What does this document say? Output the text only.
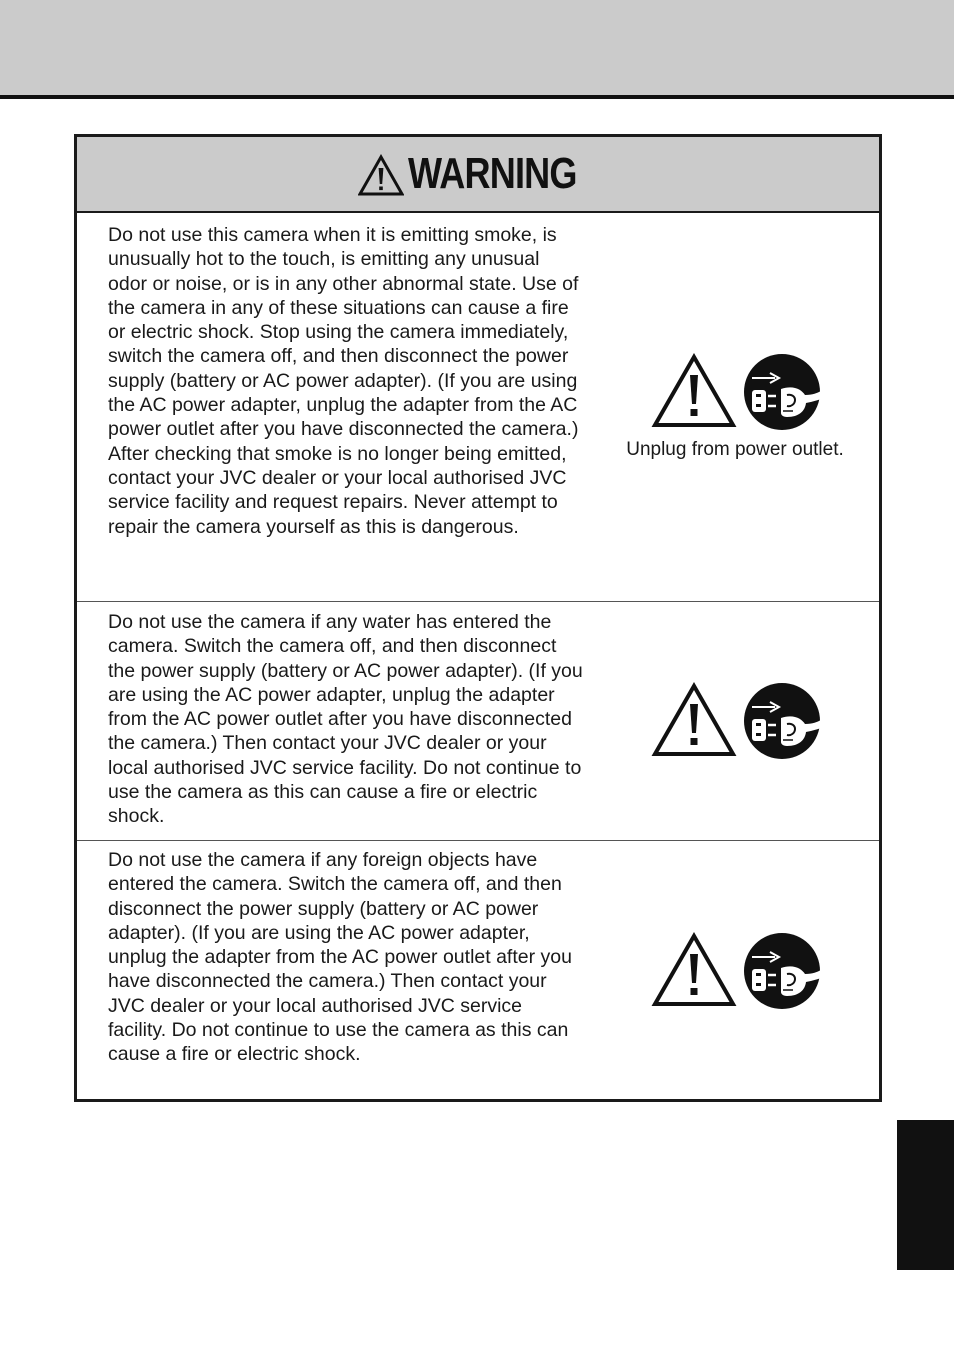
WARNING
Do not use this camera when it is emitting smoke, is unusually hot to the touch, is emitting any unusual odor or noise, or is in any other abnormal state. Use of the camera in any of these situations can cause a fire or electric shock. Stop using the camera immediately, switch the camera off, and then disconnect the power supply (battery or AC power adapter). (If you are using the AC power adapter, unplug the adapter from the AC power outlet after you have disconnected the camera.) After checking that smoke is no longer being emitted, contact your JVC dealer or your local authorised JVC service facility and request repairs. Never attempt to repair the camera yourself as this is dangerous.
Unplug from power outlet.
Do not use the camera if any water has entered the camera. Switch the camera off, and then disconnect the power supply (battery or AC power adapter). (If you are using the AC power adapter, unplug the adapter from the AC power outlet after you have disconnected the camera.) Then contact your JVC dealer or your local authorised JVC service facility. Do not continue to use the camera as this can cause a fire or electric shock.
Do not use the camera if any foreign objects have entered the camera. Switch the camera off, and then disconnect the power supply (battery or AC power adapter). (If you are using the AC power adapter, unplug the adapter from the AC power outlet after you have disconnected the camera.) Then contact your JVC dealer or your local authorised JVC service facility. Do not continue to use the camera as this can cause a fire or electric shock.
